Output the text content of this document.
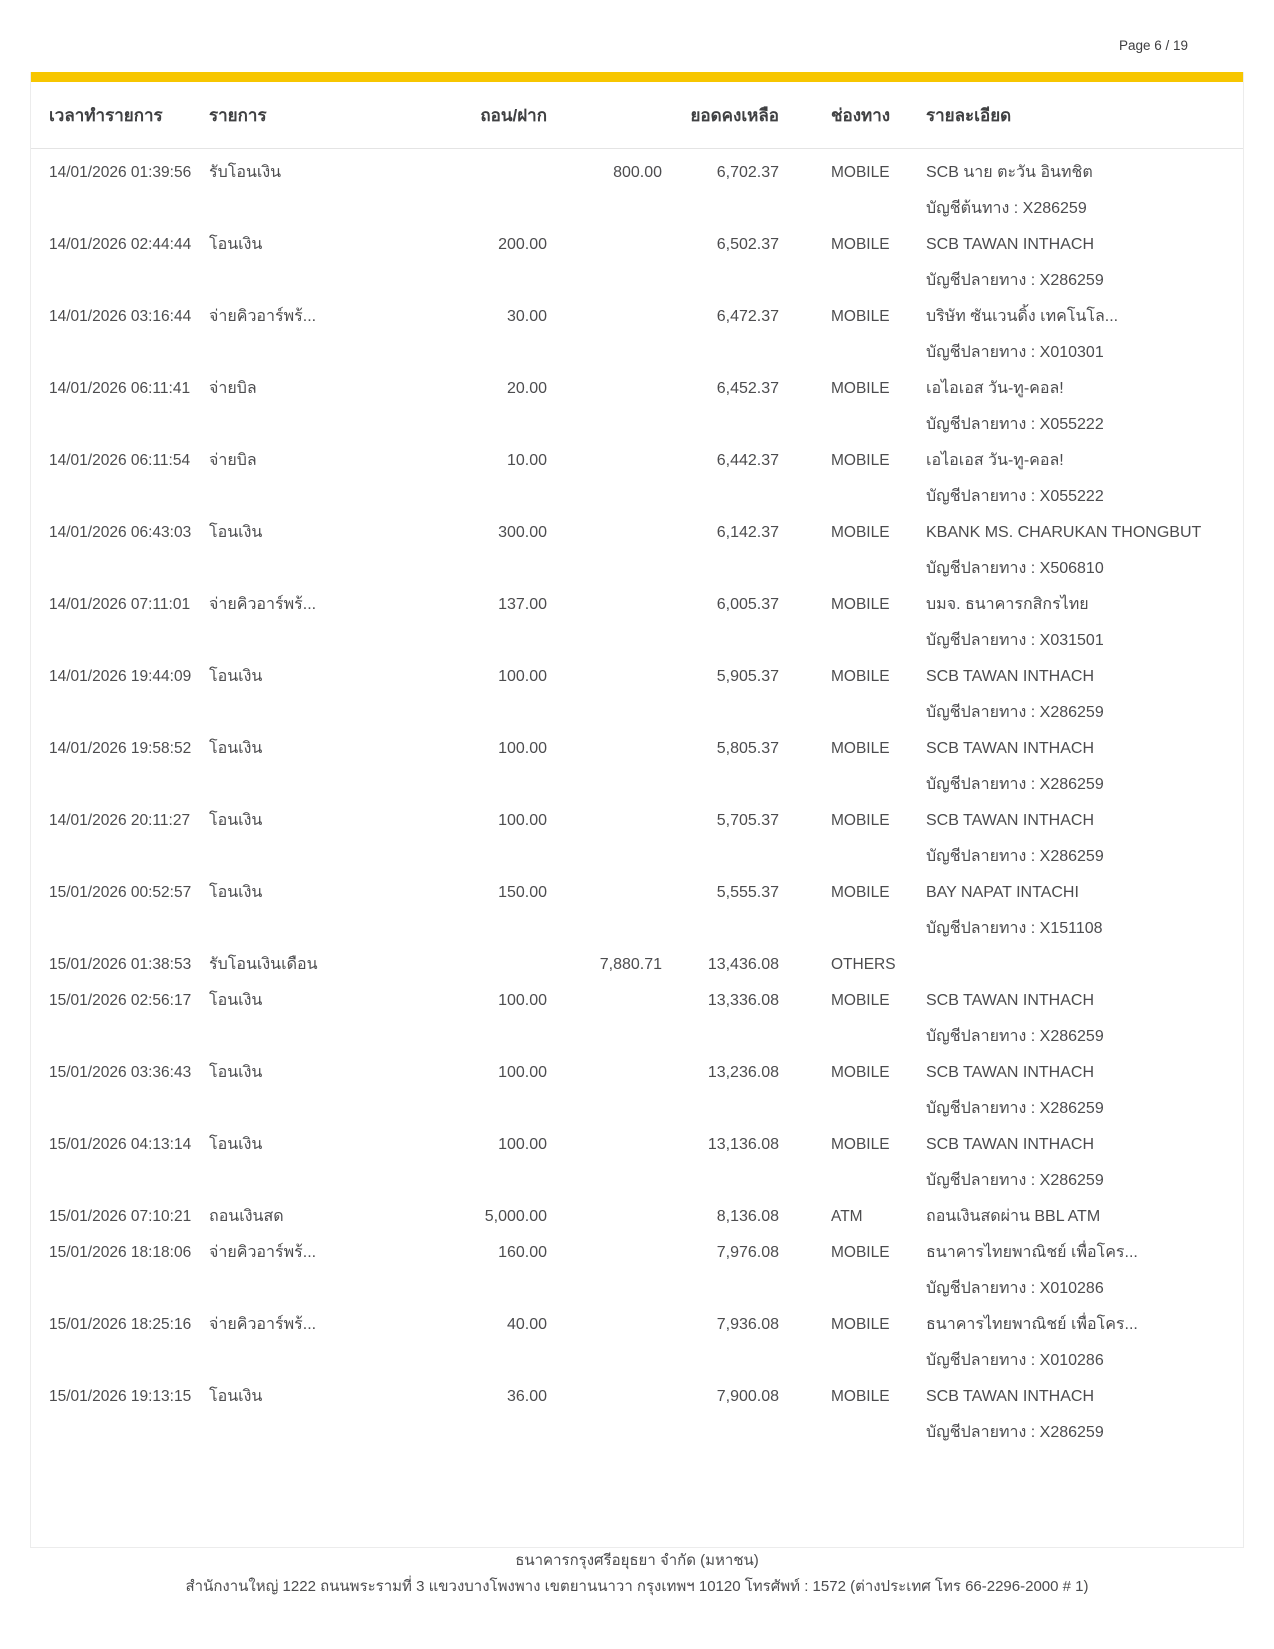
Page 6 / 19
เวลาทำรายการ	รายการ	ถอน/ฝาก	ยอดคงเหลือ	ช่องทาง	รายละเอียด
14/01/2026 01:39:56	รับโอนเงิน	800.00	6,702.37	MOBILE	SCB นาย ตะวัน อินทชิต
บัญชีต้นทาง : X286259
14/01/2026 02:44:44	โอนเงิน	200.00	6,502.37	MOBILE	SCB TAWAN INTHACH
บัญชีปลายทาง : X286259
14/01/2026 03:16:44	จ่ายคิวอาร์พร้...	30.00	6,472.37	MOBILE	บริษัท ซันเวนดิ้ง เทคโนโล...
บัญชีปลายทาง : X010301
14/01/2026 06:11:41	จ่ายบิล	20.00	6,452.37	MOBILE	เอไอเอส วัน-ทู-คอล!
บัญชีปลายทาง : X055222
14/01/2026 06:11:54	จ่ายบิล	10.00	6,442.37	MOBILE	เอไอเอส วัน-ทู-คอล!
บัญชีปลายทาง : X055222
14/01/2026 06:43:03	โอนเงิน	300.00	6,142.37	MOBILE	KBANK MS. CHARUKAN THONGBUT
บัญชีปลายทาง : X506810
14/01/2026 07:11:01	จ่ายคิวอาร์พร้...	137.00	6,005.37	MOBILE	บมจ. ธนาคารกสิกรไทย
บัญชีปลายทาง : X031501
14/01/2026 19:44:09	โอนเงิน	100.00	5,905.37	MOBILE	SCB TAWAN INTHACH
บัญชีปลายทาง : X286259
14/01/2026 19:58:52	โอนเงิน	100.00	5,805.37	MOBILE	SCB TAWAN INTHACH
บัญชีปลายทาง : X286259
14/01/2026 20:11:27	โอนเงิน	100.00	5,705.37	MOBILE	SCB TAWAN INTHACH
บัญชีปลายทาง : X286259
15/01/2026 00:52:57	โอนเงิน	150.00	5,555.37	MOBILE	BAY NAPAT INTACHI
บัญชีปลายทาง : X151108
15/01/2026 01:38:53	รับโอนเงินเดือน	7,880.71	13,436.08	OTHERS
15/01/2026 02:56:17	โอนเงิน	100.00	13,336.08	MOBILE	SCB TAWAN INTHACH
บัญชีปลายทาง : X286259
15/01/2026 03:36:43	โอนเงิน	100.00	13,236.08	MOBILE	SCB TAWAN INTHACH
บัญชีปลายทาง : X286259
15/01/2026 04:13:14	โอนเงิน	100.00	13,136.08	MOBILE	SCB TAWAN INTHACH
บัญชีปลายทาง : X286259
15/01/2026 07:10:21	ถอนเงินสด	5,000.00	8,136.08	ATM	ถอนเงินสดผ่าน BBL ATM
15/01/2026 18:18:06	จ่ายคิวอาร์พร้...	160.00	7,976.08	MOBILE	ธนาคารไทยพาณิชย์ เพื่อโคร...
บัญชีปลายทาง : X010286
15/01/2026 18:25:16	จ่ายคิวอาร์พร้...	40.00	7,936.08	MOBILE	ธนาคารไทยพาณิชย์ เพื่อโคร...
บัญชีปลายทาง : X010286
15/01/2026 19:13:15	โอนเงิน	36.00	7,900.08	MOBILE	SCB TAWAN INTHACH
บัญชีปลายทาง : X286259
ธนาคารกรุงศรีอยุธยา จำกัด (มหาชน)
สำนักงานใหญ่ 1222 ถนนพระรามที่ 3 แขวงบางโพงพาง เขตยานนาวา กรุงเทพฯ 10120 โทรศัพท์ : 1572 (ต่างประเทศ โทร 66-2296-2000 # 1)
